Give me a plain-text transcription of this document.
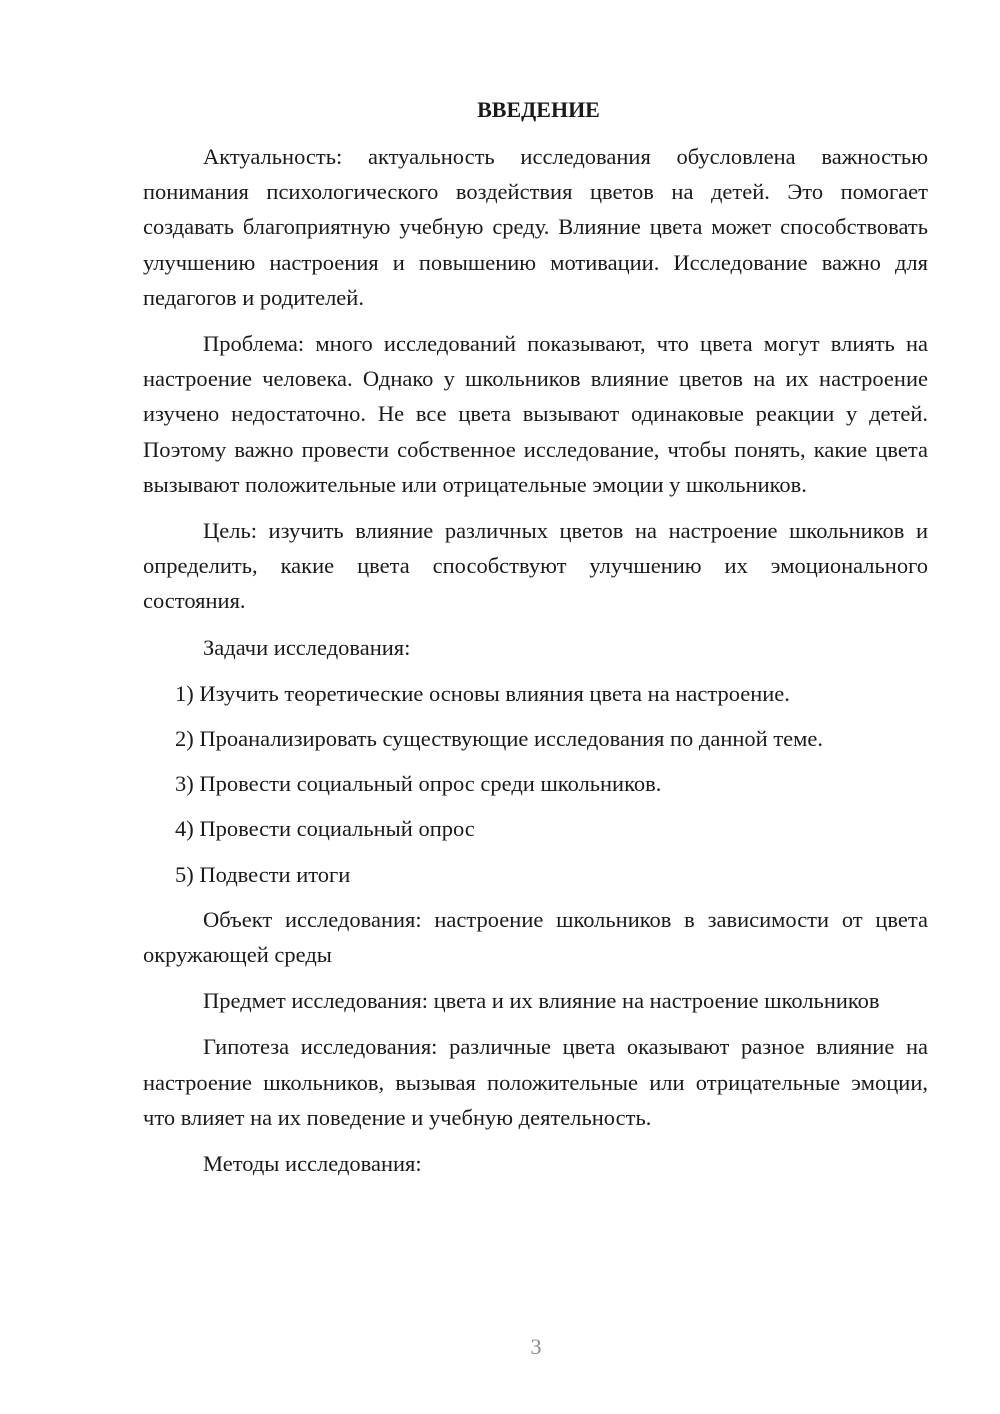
ВВЕДЕНИЕ

Актуальность: актуальность исследования обусловлена важностью понимания психологического воздействия цветов на детей. Это помогает создавать благоприятную учебную среду. Влияние цвета может способствовать улучшению настроения и повышению мотивации. Исследование важно для педагогов и родителей.

Проблема: много исследований показывают, что цвета могут влиять на настроение человека. Однако у школьников влияние цветов на их настроение изучено недостаточно. Не все цвета вызывают одинаковые реакции у детей. Поэтому важно провести собственное исследование, чтобы понять, какие цвета вызывают положительные или отрицательные эмоции у школьников.

Цель: изучить влияние различных цветов на настроение школьников и определить, какие цвета способствуют улучшению их эмоционального состояния.

Задачи исследования:

1) Изучить теоретические основы влияния цвета на настроение.

2) Проанализировать существующие исследования по данной теме.

3) Провести социальный опрос среди школьников.

4) Провести социальный опрос

5) Подвести итоги

Объект исследования: настроение школьников в зависимости от цвета окружающей среды

Предмет исследования: цвета и их влияние на настроение школьников

Гипотеза исследования: различные цвета оказывают разное влияние на настроение школьников, вызывая положительные или отрицательные эмоции, что влияет на их поведение и учебную деятельность.

Методы исследования:

3
